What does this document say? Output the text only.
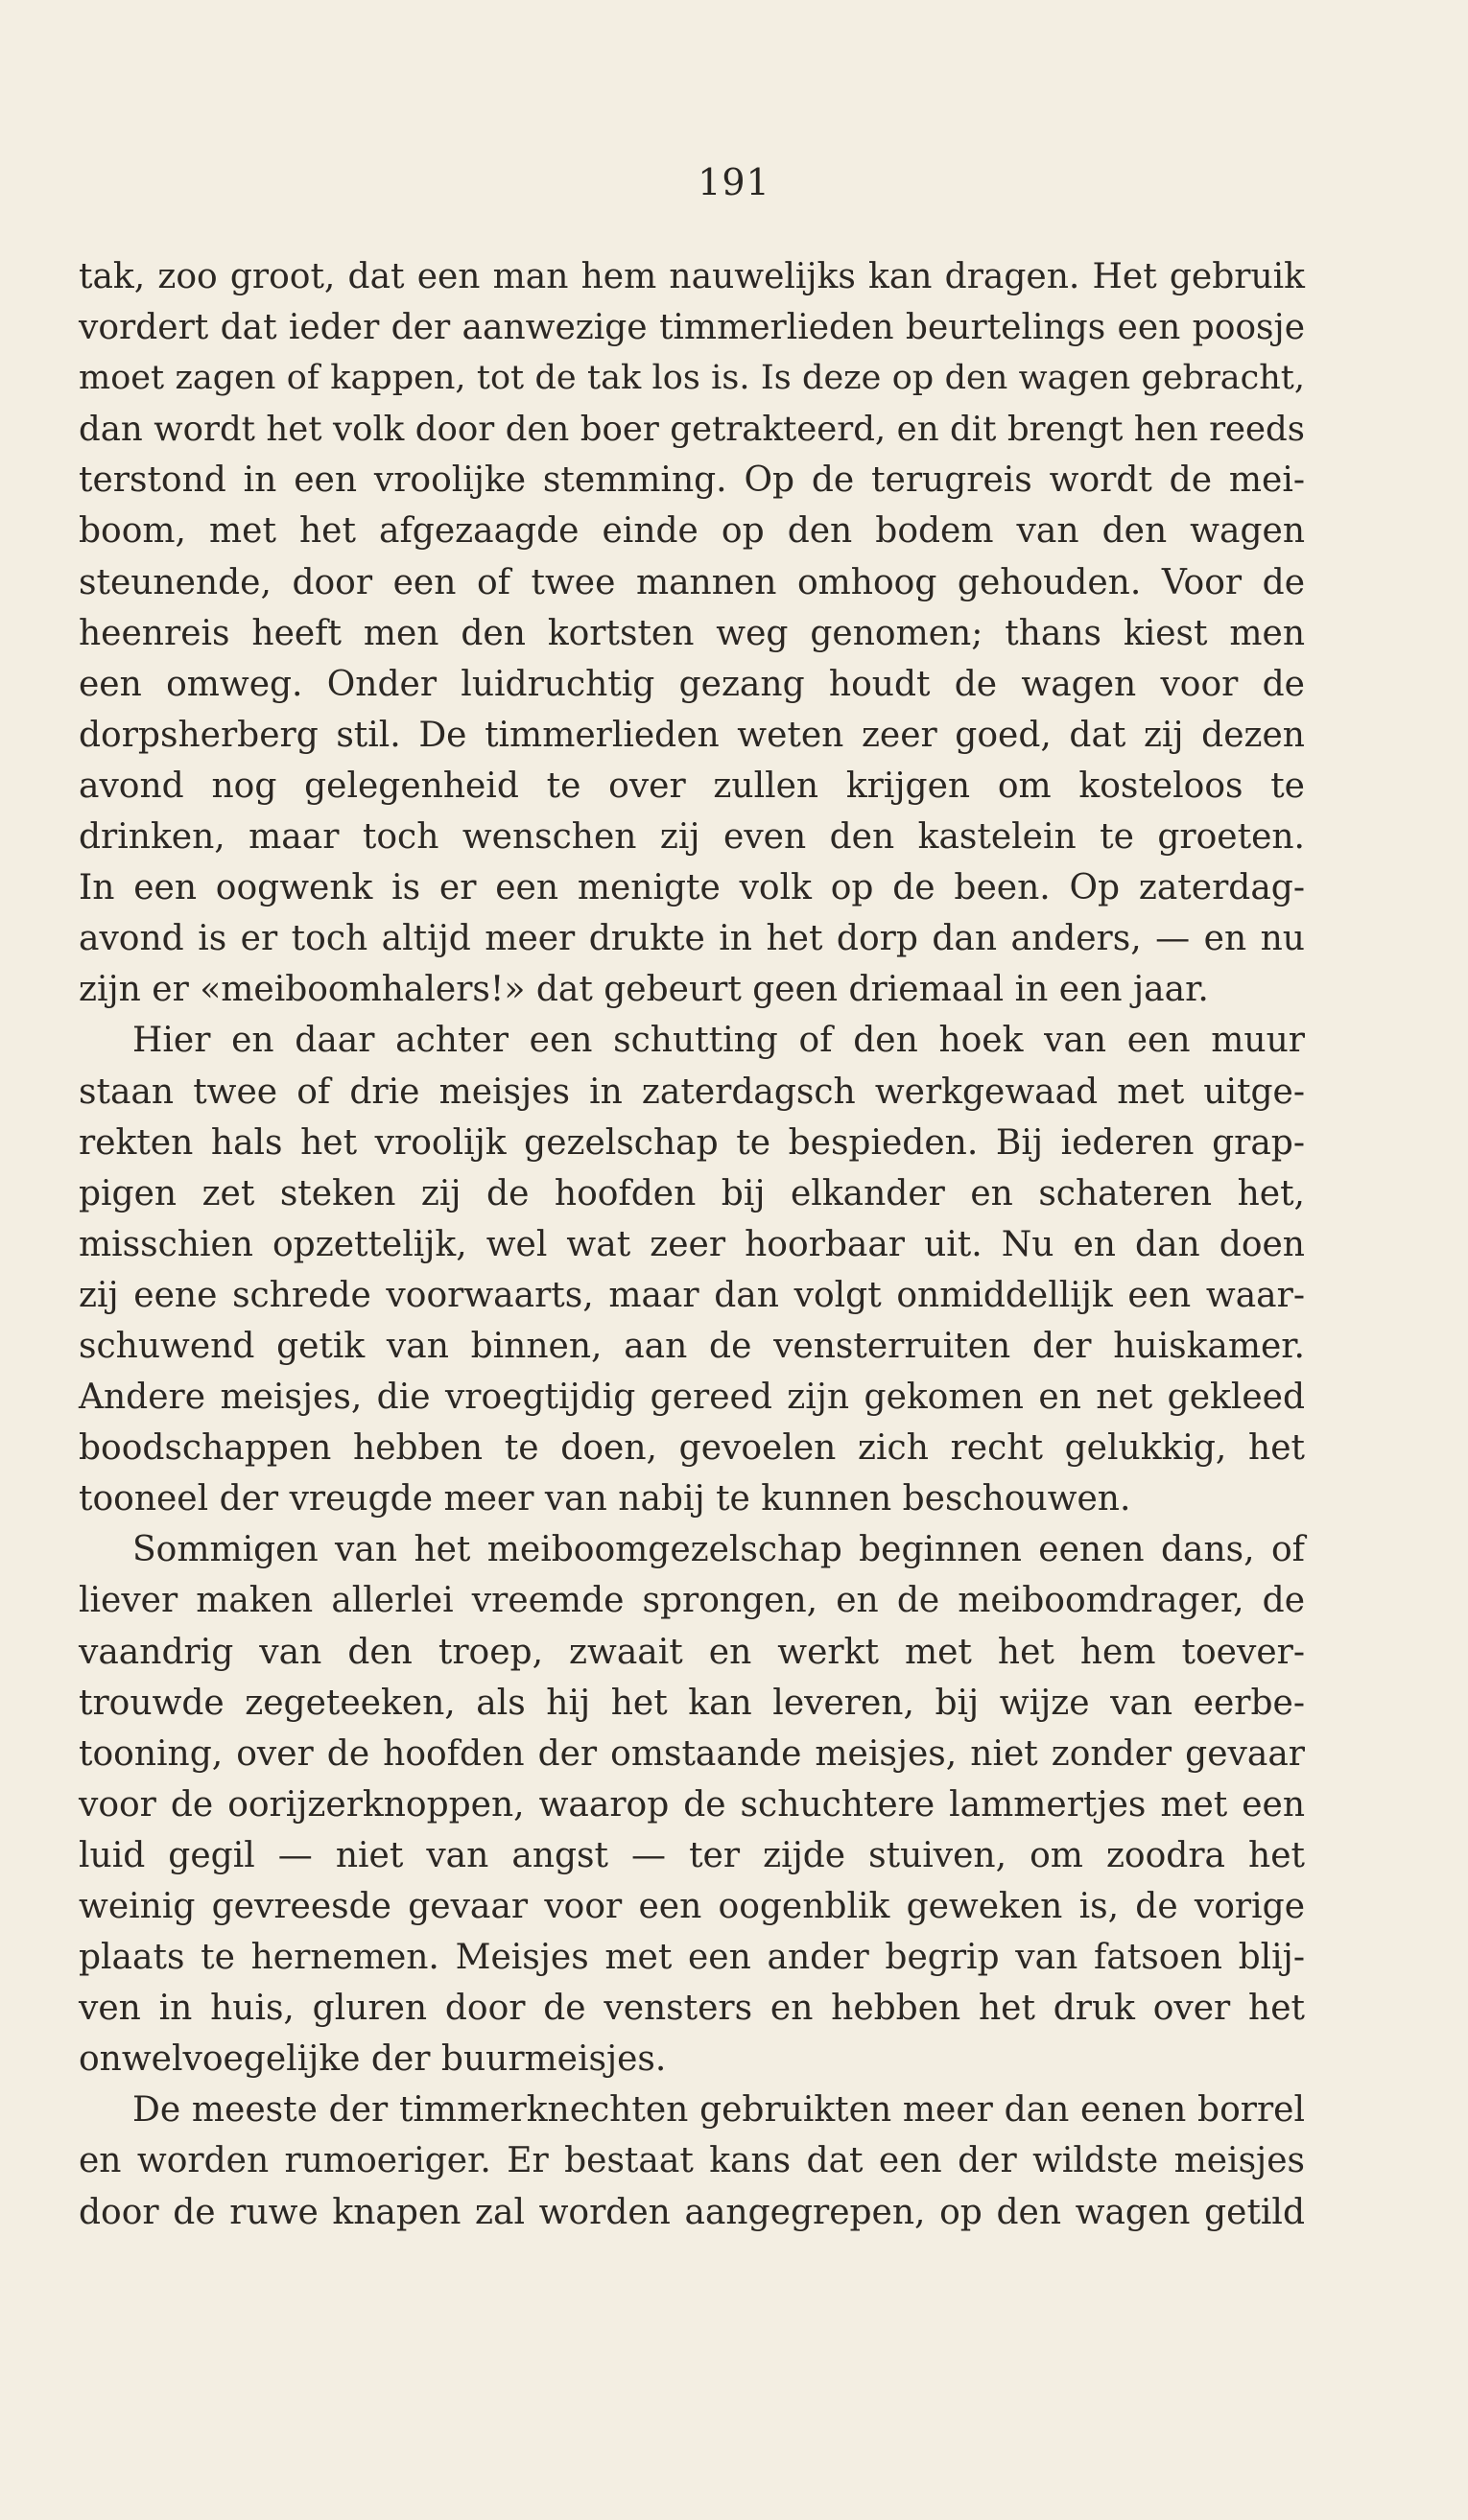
191
tak, zoo groot, dat een man hem nauwelijks kan dragen. Het gebruik
vordert dat ieder der aanwezige timmerlieden beurtelings een poosje
moet zagen of kappen, tot de tak los is. Is deze op den wagen gebracht,
dan wordt het volk door den boer getrakteerd, en dit brengt hen reeds
terstond in een vroolijke stemming. Op de terugreis wordt de mei-
boom, met het afgezaagde einde op den bodem van den wagen
steunende, door een of twee mannen omhoog gehouden. Voor de
heenreis heeft men den kortsten weg genomen; thans kiest men
een omweg. Onder luidruchtig gezang houdt de wagen voor de
dorpsherberg stil. De timmerlieden weten zeer goed, dat zij dezen
avond nog gelegenheid te over zullen krijgen om kosteloos te
drinken, maar toch wenschen zij even den kastelein te groeten.
In een oogwenk is er een menigte volk op de been. Op zaterdag-
avond is er toch altijd meer drukte in het dorp dan anders, — en nu
zijn er «meiboomhalers!» dat gebeurt geen driemaal in een jaar.
Hier en daar achter een schutting of den hoek van een muur
staan twee of drie meisjes in zaterdagsch werkgewaad met uitge-
rekten hals het vroolijk gezelschap te bespieden. Bij iederen grap-
pigen zet steken zij de hoofden bij elkander en schateren het,
misschien opzettelijk, wel wat zeer hoorbaar uit. Nu en dan doen
zij eene schrede voorwaarts, maar dan volgt onmiddellijk een waar-
schuwend getik van binnen, aan de vensterruiten der huiskamer.
Andere meisjes, die vroegtijdig gereed zijn gekomen en net gekleed
boodschappen hebben te doen, gevoelen zich recht gelukkig, het
tooneel der vreugde meer van nabij te kunnen beschouwen.
Sommigen van het meiboomgezelschap beginnen eenen dans, of
liever maken allerlei vreemde sprongen, en de meiboomdrager, de
vaandrig van den troep, zwaait en werkt met het hem toever-
trouwde zegeteeken, als hij het kan leveren, bij wijze van eerbe-
tooning, over de hoofden der omstaande meisjes, niet zonder gevaar
voor de oorijzerknoppen, waarop de schuchtere lammertjes met een
luid gegil — niet van angst — ter zijde stuiven, om zoodra het
weinig gevreesde gevaar voor een oogenblik geweken is, de vorige
plaats te hernemen. Meisjes met een ander begrip van fatsoen blij-
ven in huis, gluren door de vensters en hebben het druk over het
onwelvoegelijke der buurmeisjes.
De meeste der timmerknechten gebruikten meer dan eenen borrel
en worden rumoeriger. Er bestaat kans dat een der wildste meisjes
door de ruwe knapen zal worden aangegrepen, op den wagen getild
